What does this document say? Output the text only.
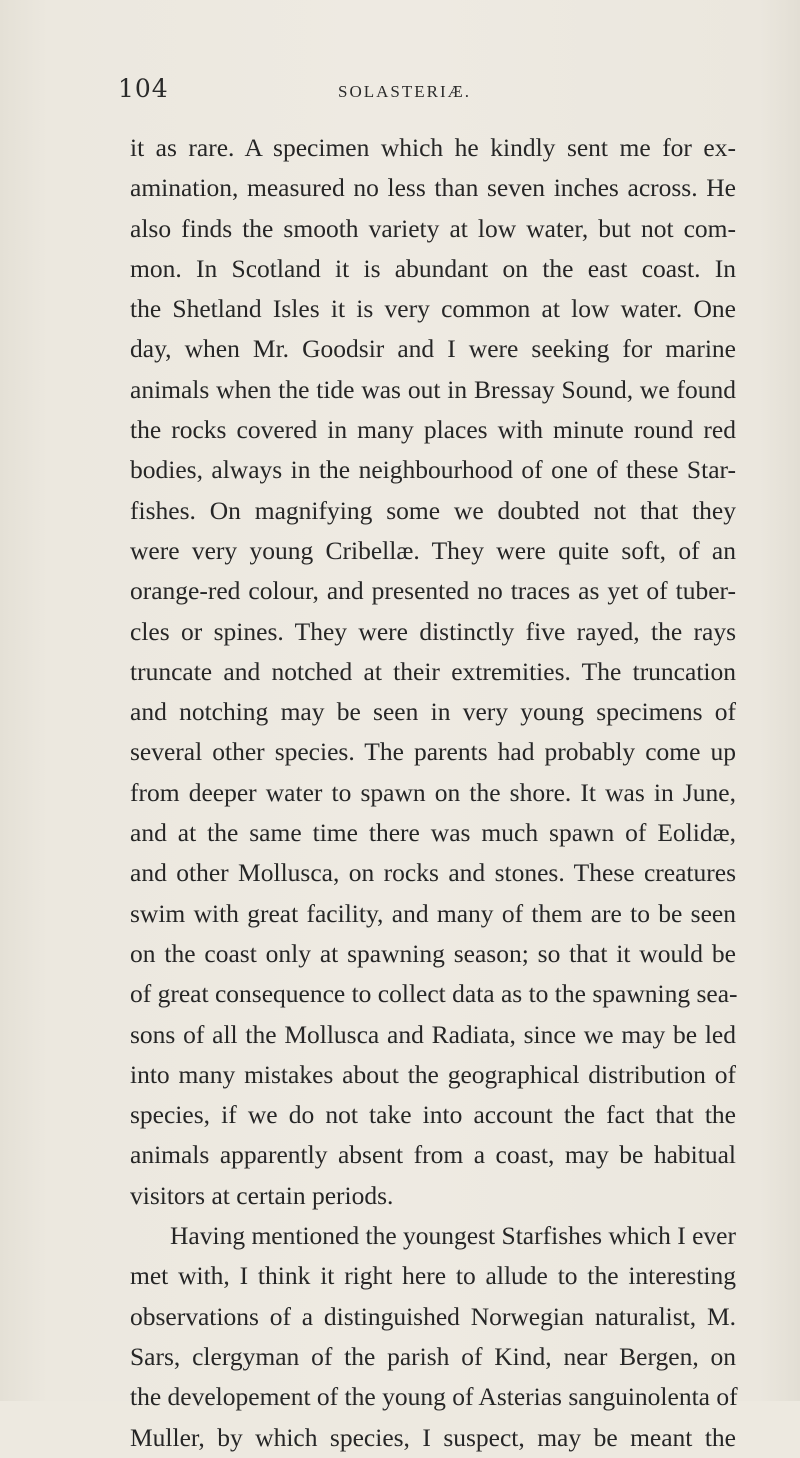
104	SOLASTERIÆ.
it as rare. A specimen which he kindly sent me for ex-
amination, measured no less than seven inches across. He
also finds the smooth variety at low water, but not com-
mon. In Scotland it is abundant on the east coast. In
the Shetland Isles it is very common at low water. One
day, when Mr. Goodsir and I were seeking for marine
animals when the tide was out in Bressay Sound, we found
the rocks covered in many places with minute round red
bodies, always in the neighbourhood of one of these Star-
fishes. On magnifying some we doubted not that they
were very young Cribellæ. They were quite soft, of an
orange-red colour, and presented no traces as yet of tuber-
cles or spines. They were distinctly five rayed, the rays
truncate and notched at their extremities. The truncation
and notching may be seen in very young specimens of
several other species. The parents had probably come up
from deeper water to spawn on the shore. It was in June,
and at the same time there was much spawn of Eolidæ,
and other Mollusca, on rocks and stones. These creatures
swim with great facility, and many of them are to be seen
on the coast only at spawning season; so that it would be
of great consequence to collect data as to the spawning sea-
sons of all the Mollusca and Radiata, since we may be led
into many mistakes about the geographical distribution of
species, if we do not take into account the fact that the
animals apparently absent from a coast, may be habitual
visitors at certain periods.
Having mentioned the youngest Starfishes which I ever
met with, I think it right here to allude to the interesting
observations of a distinguished Norwegian naturalist, M.
Sars, clergyman of the parish of Kind, near Bergen, on
the developement of the young of Asterias sanguinolenta of
Muller, by which species, I suspect, may be meant the
